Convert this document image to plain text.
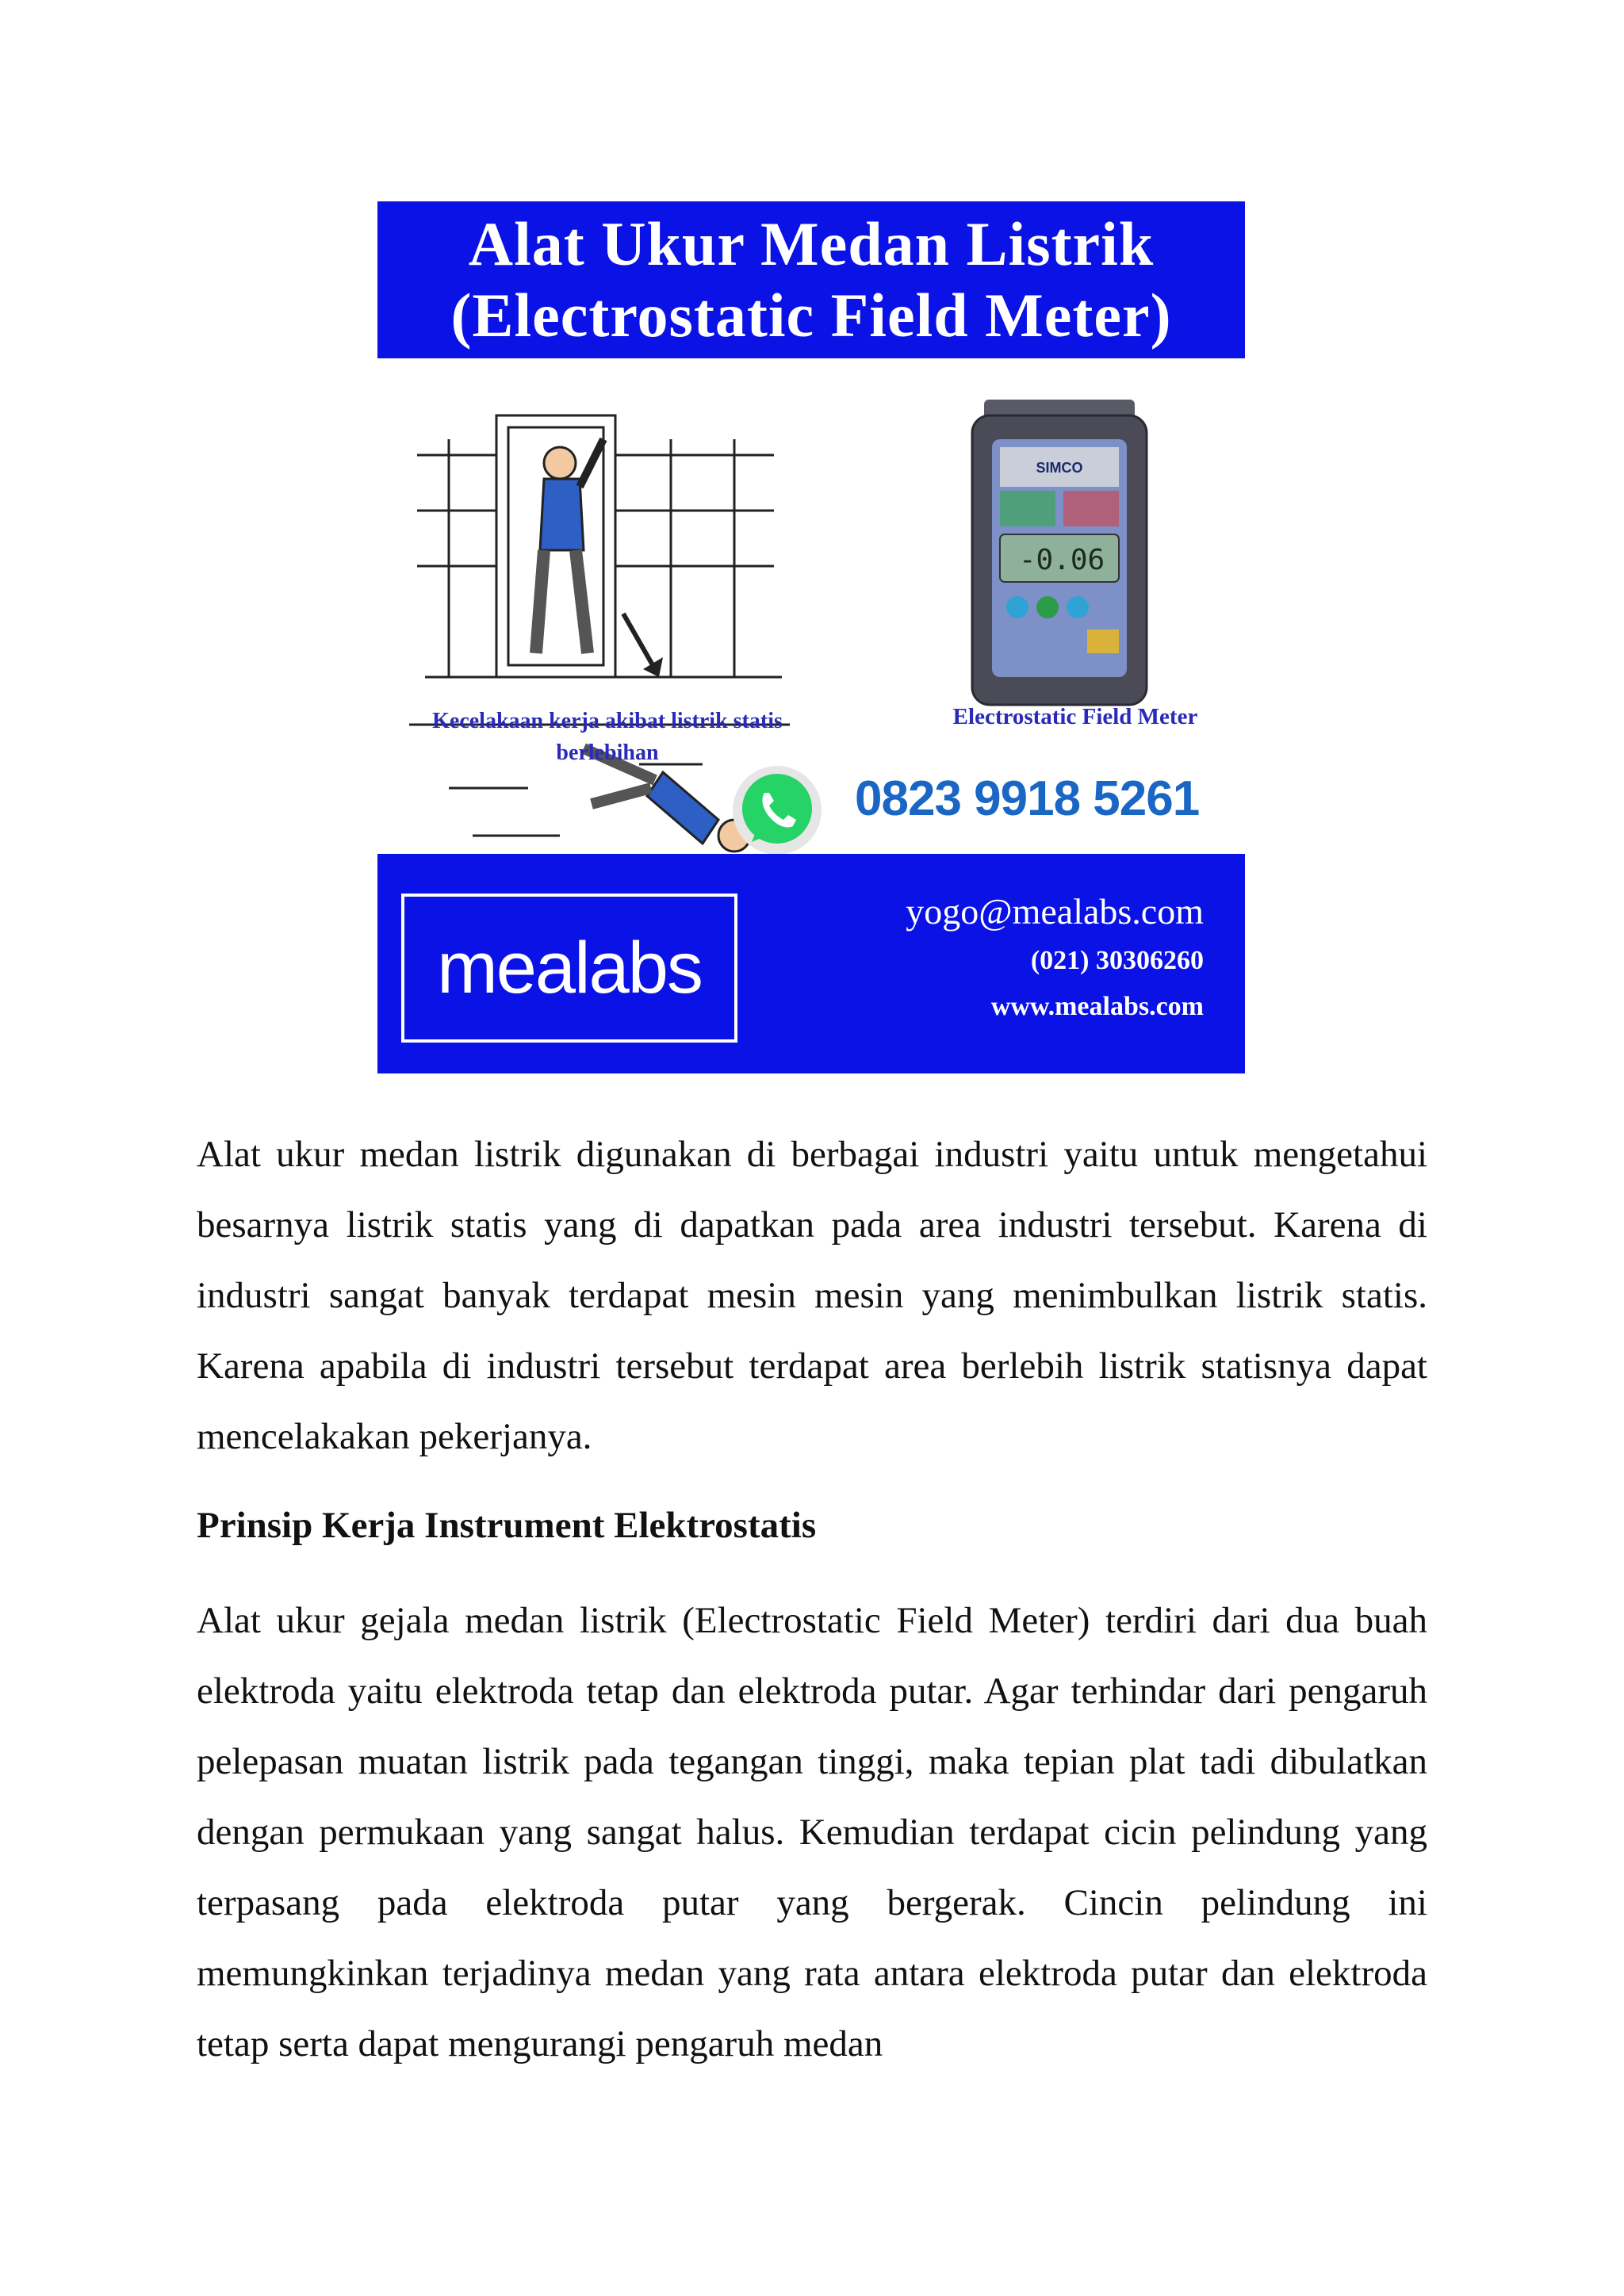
Alat Ukur Medan Listrik
(Electrostatic Field Meter)
Kecelakaan kerja akibat listrik statis
berlebihan
SIMCO
-0.06
Electrostatic Field Meter
0823 9918 5261
mealabs
yogo@mealabs.com
(021) 30306260
www.mealabs.com

Alat ukur medan listrik digunakan di berbagai industri yaitu untuk mengetahui besarnya listrik statis yang di dapatkan pada area industri tersebut. Karena di industri sangat banyak terdapat mesin mesin yang menimbulkan listrik statis. Karena apabila di industri tersebut terdapat area berlebih listrik statisnya dapat mencelakakan pekerjanya.

Prinsip Kerja Instrument Elektrostatis

Alat ukur gejala medan listrik (Electrostatic Field Meter) terdiri dari dua buah elektroda yaitu elektroda tetap dan elektroda putar. Agar terhindar dari pengaruh pelepasan muatan listrik pada tegangan tinggi, maka tepian plat tadi dibulatkan dengan permukaan yang sangat halus. Kemudian terdapat cicin pelindung yang terpasang pada elektroda putar yang bergerak. Cincin pelindung ini memungkinkan terjadinya medan yang rata antara elektroda putar dan elektroda tetap serta dapat mengurangi pengaruh medan
